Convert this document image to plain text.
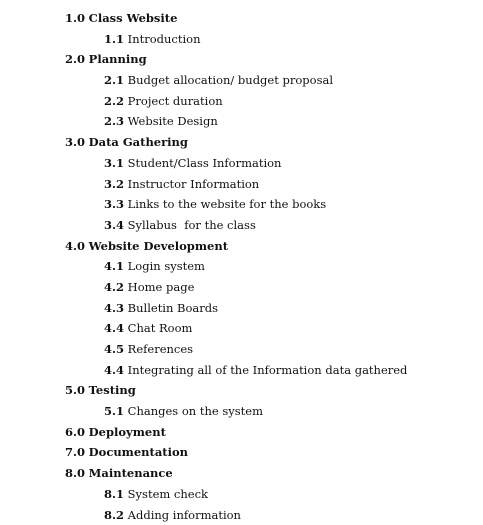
1.0 Class Website
1.1 Introduction
2.0 Planning
2.1 Budget allocation/ budget proposal
2.2 Project duration
2.3 Website Design
3.0 Data Gathering
3.1 Student/Class Information
3.2 Instructor Information
3.3 Links to the website for the books
3.4 Syllabus  for the class
4.0 Website Development
4.1 Login system
4.2 Home page
4.3 Bulletin Boards
4.4 Chat Room
4.5 References
4.4 Integrating all of the Information data gathered
5.0 Testing
5.1 Changes on the system
6.0 Deployment
7.0 Documentation
8.0 Maintenance
8.1 System check
8.2 Adding information
